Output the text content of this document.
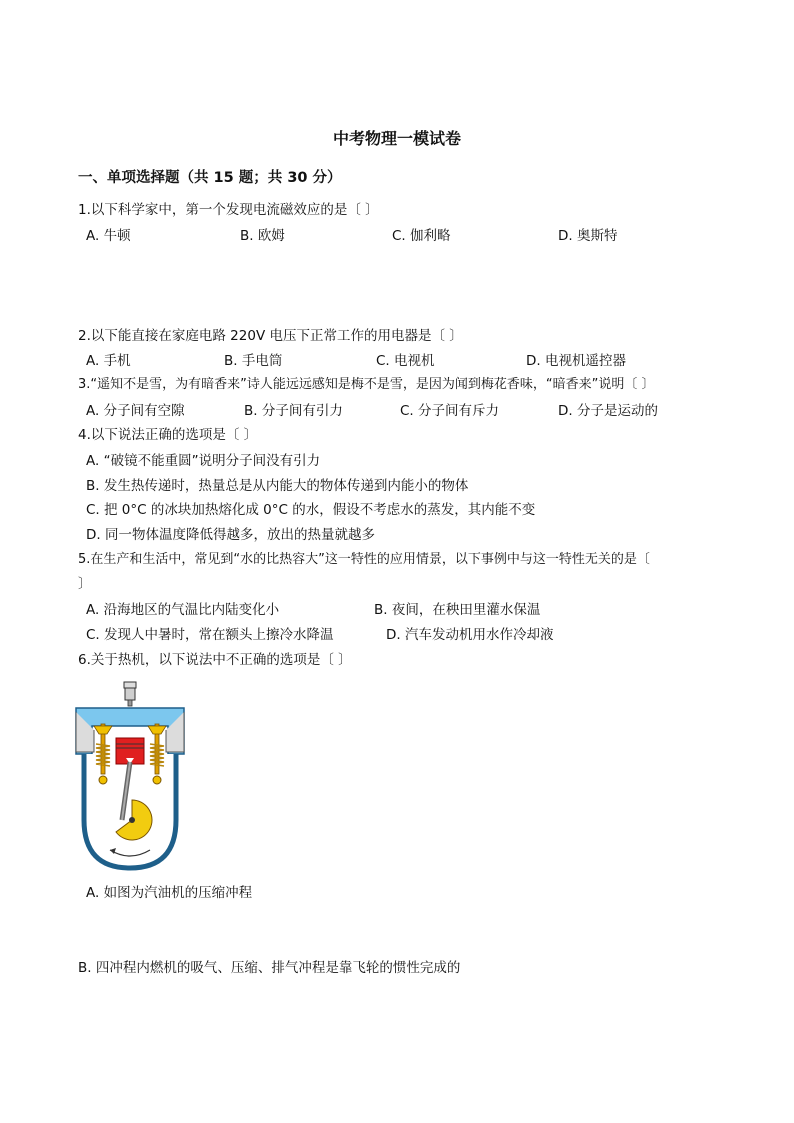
中考物理一模试卷
一、单项选择题（共 15 题；共 30 分）
1.以下科学家中，第一个发现电流磁效应的是〔 〕
A. 牛顿	B. 欧姆	C. 伽利略	D. 奥斯特
2.以下能直接在家庭电路 220V 电压下正常工作的用电器是〔 〕
A. 手机	B. 手电筒	C. 电视机	D. 电视机遥控器
3.“遥知不是雪，为有暗香来”诗人能远远感知是梅不是雪，是因为闻到梅花香味，“暗香来”说明〔 〕
A. 分子间有空隙	B. 分子间有引力	C. 分子间有斥力	D. 分子是运动的
4.以下说法正确的选项是〔 〕
A. “破镜不能重圆”说明分子间没有引力
B. 发生热传递时，热量总是从内能大的物体传递到内能小的物体
C. 把 0°C 的冰块加热熔化成 0°C 的水，假设不考虑水的蒸发，其内能不变
D. 同一物体温度降低得越多，放出的热量就越多
5.在生产和生活中，常见到“水的比热容大”这一特性的应用情景，以下事例中与这一特性无关的是〔
〕
A. 沿海地区的气温比内陆变化小	B. 夜间，在秧田里灌水保温
C. 发现人中暑时，常在额头上擦冷水降温	D. 汽车发动机用水作冷却液
6.关于热机，以下说法中不正确的选项是〔 〕
A. 如图为汽油机的压缩冲程
B. 四冲程内燃机的吸气、压缩、排气冲程是靠飞轮的惯性完成的
